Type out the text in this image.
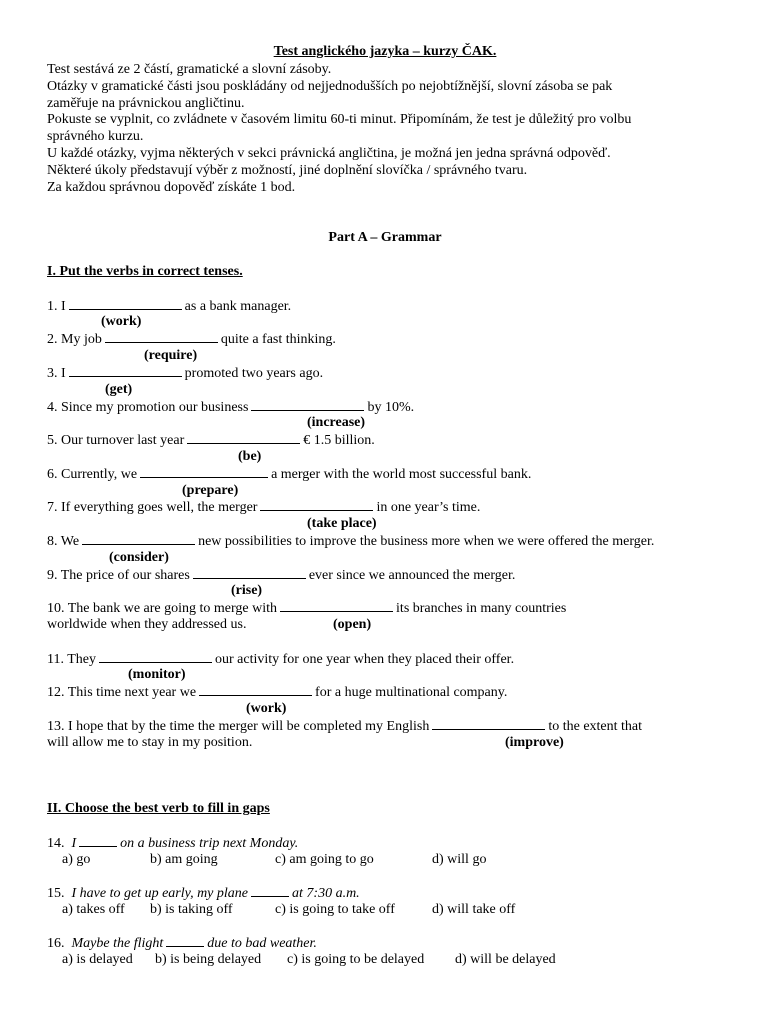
Test anglického jazyka – kurzy ČAK.
Test sestává ze 2 částí, gramatické a slovní zásoby.
Otázky v gramatické části jsou poskládány od nejjednodušších po nejobtížnější, slovní zásoba se pak
zaměřuje na právnickou angličtinu.
Pokuste se vyplnit, co zvládnete v časovém limitu 60-ti minut. Připomínám, že test je důležitý pro volbu
správného kurzu.
U každé otázky, vyjma některých v sekci právnická angličtina, je možná jen jedna správná odpověď.
Některé úkoly představují výběr z možností, jiné doplnění slovíčka / správného tvaru.
Za každou správnou dopověď získáte 1 bod.
Part A – Grammar
I. Put the verbs in correct tenses.
1. I	as a bank manager.
(work)
2. My job	quite a fast thinking.
(require)
3. I	promoted two years ago.
(get)
4. Since my promotion our business	by 10%.
(increase)
5. Our turnover last year	€ 1.5 billion.
(be)
6. Currently, we	a merger with the world most successful bank.
(prepare)
7. If everything goes well, the merger	in one year’s time.
(take place)
8. We	new possibilities to improve the business more when we were offered the merger.
(consider)
9. The price of our shares	ever since we announced the merger.
(rise)
10. The bank we are going to merge with	its branches in many countries
worldwide when they addressed us.	(open)
11. They	our activity for one year when they placed their offer.
(monitor)
12. This time next year we	for a huge multinational company.
(work)
13. I hope that by the time the merger will be completed my English	to the extent that
will allow me to stay in my position.	(improve)
II. Choose the best verb to fill in gaps
14. I	on a business trip next Monday.
a) go	b) am going	c) am going to go	d) will go
15. I have to get up early, my plane	at 7:30 a.m.
a) takes off b) is taking off	c) is going to take off	d) will take off
16. Maybe the flight	due to bad weather.
a) is delayed b) is being delayed c) is going to be delayed d) will be delayed
